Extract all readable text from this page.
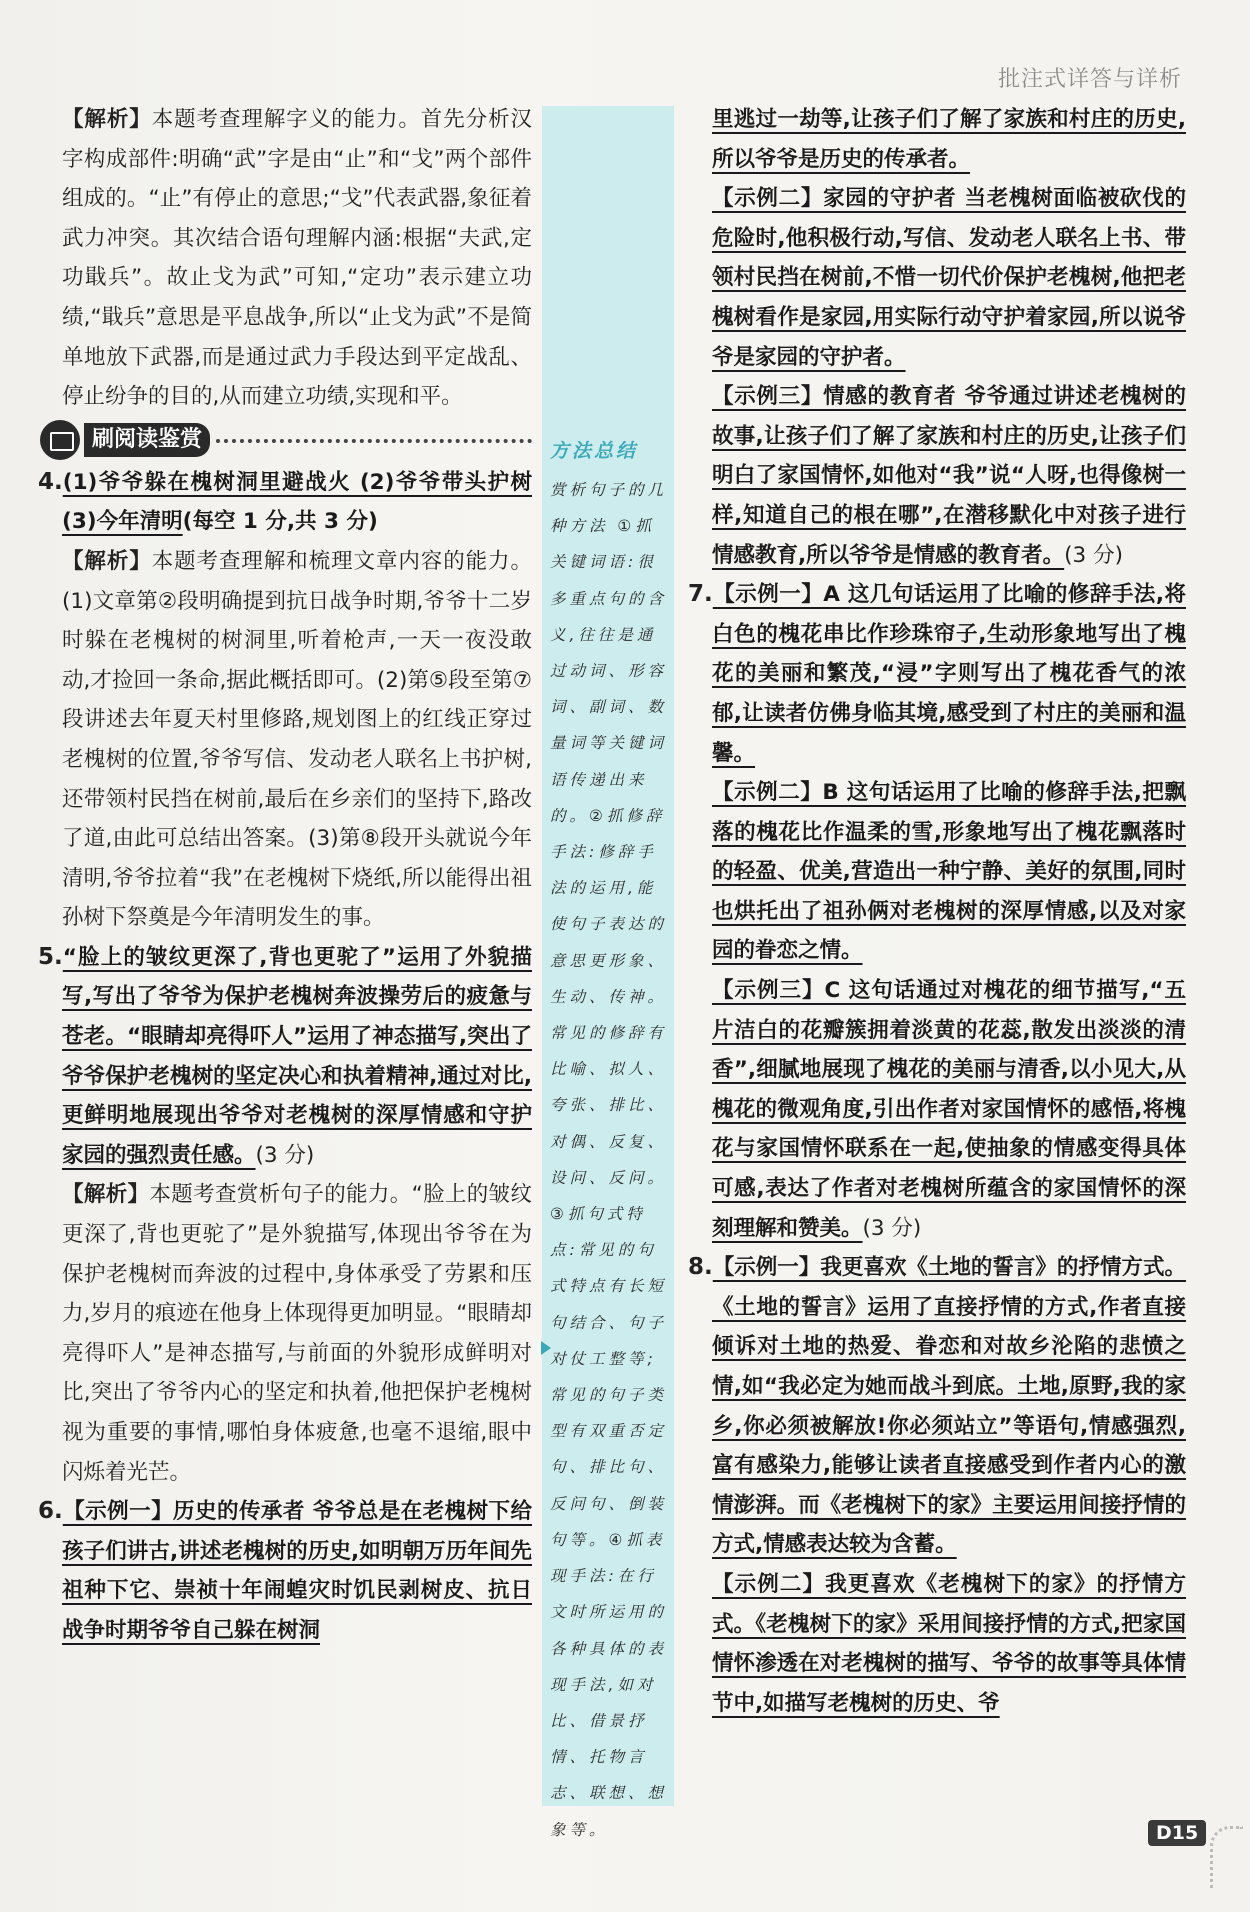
批注式详答与详析
方法总结
赏析句子的几种方法 ①抓关键词语:很多重点句的含义,往往是通过动词、形容词、副词、数量词等关键词语传递出来的。②抓修辞手法:修辞手法的运用,能使句子表达的意思更形象、生动、传神。常见的修辞有比喻、拟人、夸张、排比、对偶、反复、设问、反问。③抓句式特点:常见的句式特点有长短句结合、句子对仗工整等;常见的句子类型有双重否定句、排比句、反问句、倒装句等。④抓表现手法:在行文时所运用的各种具体的表现手法,如对比、借景抒情、托物言志、联想、想象等。

【解析】本题考查理解字义的能力。首先分析汉字构成部件:明确“武”字是由“止”和“戈”两个部件组成的。“止”有停止的意思;“戈”代表武器,象征着武力冲突。其次结合语句理解内涵:根据“夫武,定功戢兵”。故止戈为武”可知,“定功”表示建立功绩,“戢兵”意思是平息战争,所以“止戈为武”不是简单地放下武器,而是通过武力手段达到平定战乱、停止纷争的目的,从而建立功绩,实现和平。

刷阅读鉴赏

4.(1)爷爷躲在槐树洞里避战火 (2)爷爷带头护树 (3)今年清明(每空 1 分,共 3 分)

【解析】本题考查理解和梳理文章内容的能力。(1)文章第②段明确提到抗日战争时期,爷爷十二岁时躲在老槐树的树洞里,听着枪声,一天一夜没敢动,才捡回一条命,据此概括即可。(2)第⑤段至第⑦段讲述去年夏天村里修路,规划图上的红线正穿过老槐树的位置,爷爷写信、发动老人联名上书护树,还带领村民挡在树前,最后在乡亲们的坚持下,路改了道,由此可总结出答案。(3)第⑧段开头就说今年清明,爷爷拉着“我”在老槐树下烧纸,所以能得出祖孙树下祭奠是今年清明发生的事。

5.“脸上的皱纹更深了,背也更驼了”运用了外貌描写,写出了爷爷为保护老槐树奔波操劳后的疲惫与苍老。“眼睛却亮得吓人”运用了神态描写,突出了爷爷保护老槐树的坚定决心和执着精神,通过对比,更鲜明地展现出爷爷对老槐树的深厚情感和守护家园的强烈责任感。(3 分)

【解析】本题考查赏析句子的能力。“脸上的皱纹更深了,背也更驼了”是外貌描写,体现出爷爷在为保护老槐树而奔波的过程中,身体承受了劳累和压力,岁月的痕迹在他身上体现得更加明显。“眼睛却亮得吓人”是神态描写,与前面的外貌形成鲜明对比,突出了爷爷内心的坚定和执着,他把保护老槐树视为重要的事情,哪怕身体疲惫,也毫不退缩,眼中闪烁着光芒。

6.【示例一】历史的传承者 爷爷总是在老槐树下给孩子们讲古,讲述老槐树的历史,如明朝万历年间先祖种下它、崇祯十年闹蝗灾时饥民剥树皮、抗日战争时期爷爷自己躲在树洞

里逃过一劫等,让孩子们了解了家族和村庄的历史,所以爷爷是历史的传承者。

【示例二】家园的守护者 当老槐树面临被砍伐的危险时,他积极行动,写信、发动老人联名上书、带领村民挡在树前,不惜一切代价保护老槐树,他把老槐树看作是家园,用实际行动守护着家园,所以说爷爷是家园的守护者。

【示例三】情感的教育者 爷爷通过讲述老槐树的故事,让孩子们了解了家族和村庄的历史,让孩子们明白了家国情怀,如他对“我”说“人呀,也得像树一样,知道自己的根在哪”,在潜移默化中对孩子进行情感教育,所以爷爷是情感的教育者。(3 分)

7.【示例一】A 这几句话运用了比喻的修辞手法,将白色的槐花串比作珍珠帘子,生动形象地写出了槐花的美丽和繁茂,“浸”字则写出了槐花香气的浓郁,让读者仿佛身临其境,感受到了村庄的美丽和温馨。

【示例二】B 这句话运用了比喻的修辞手法,把飘落的槐花比作温柔的雪,形象地写出了槐花飘落时的轻盈、优美,营造出一种宁静、美好的氛围,同时也烘托出了祖孙俩对老槐树的深厚情感,以及对家园的眷恋之情。

【示例三】C 这句话通过对槐花的细节描写,“五片洁白的花瓣簇拥着淡黄的花蕊,散发出淡淡的清香”,细腻地展现了槐花的美丽与清香,以小见大,从槐花的微观角度,引出作者对家国情怀的感悟,将槐花与家国情怀联系在一起,使抽象的情感变得具体可感,表达了作者对老槐树所蕴含的家国情怀的深刻理解和赞美。(3 分)

8.【示例一】我更喜欢《土地的誓言》的抒情方式。《土地的誓言》运用了直接抒情的方式,作者直接倾诉对土地的热爱、眷恋和对故乡沦陷的悲愤之情,如“我必定为她而战斗到底。土地,原野,我的家乡,你必须被解放!你必须站立”等语句,情感强烈,富有感染力,能够让读者直接感受到作者内心的激情澎湃。而《老槐树下的家》主要运用间接抒情的方式,情感表达较为含蓄。

【示例二】我更喜欢《老槐树下的家》的抒情方式。《老槐树下的家》采用间接抒情的方式,把家国情怀渗透在对老槐树的描写、爷爷的故事等具体情节中,如描写老槐树的历史、爷

D15
